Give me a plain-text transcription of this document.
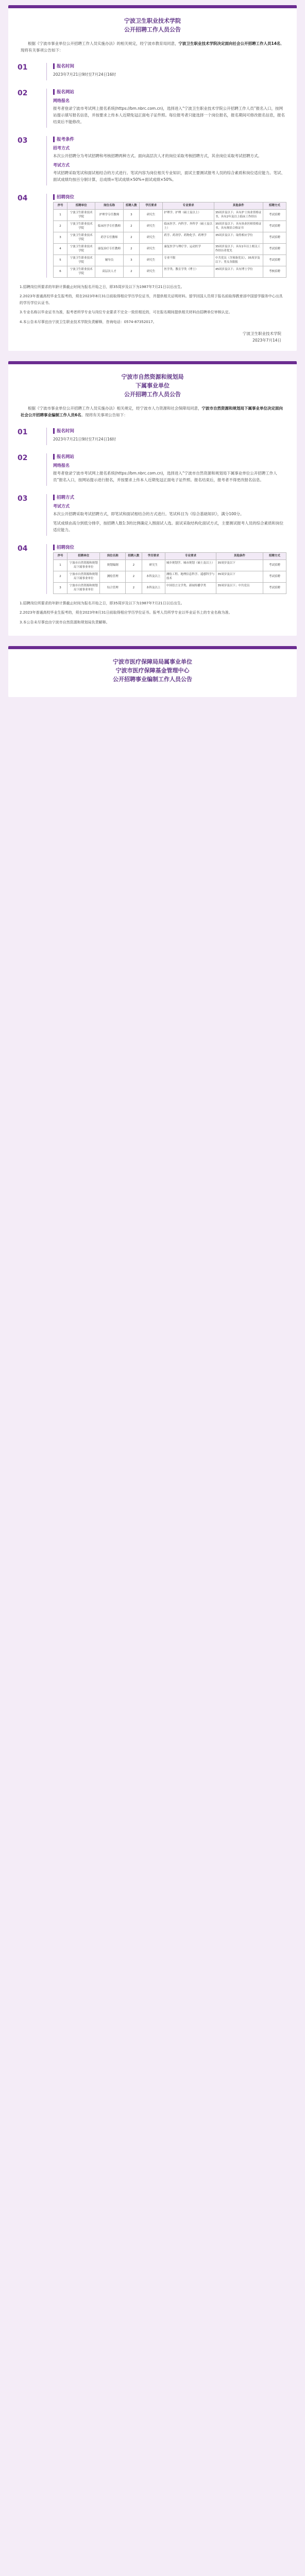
宁波卫生职业技术学院
公开招聘工作人员公告
根据《宁波市事业单位公开招聘工作人员实施办法》的相关规定，经宁波市教育局同意，宁波卫生职业技术学院决定面向社会公开招聘工作人员14名。现将有关事项公告如下：
01	报名时间

2023年7月21日9时至7月24日16时

02	报名网站
网络报名

报考者登录宁波市考试网上报名系统(https://bm.nbrc.com.cn)，选择进入“宁波卫生职业技术学院公开招聘工作人员”报名入口，按网站提示填写报名信息，并按要求上传本人近期免冠正面电子证件照。每位报考者只能选择一个岗位报名，报名期间可修改报名信息，报名结束后不能修改。

03	报考条件
招考方式

本次公开招聘分为考试招聘和考核招聘两种方式。面向高层次人才的岗位采取考核招聘方式，其余岗位采取考试招聘方式。

考试方式

考试招聘采取笔试和面试相结合的方式进行。笔试内容为岗位相关专业知识，面试主要测试报考人员的综合素质和岗位适应能力。笔试、面试成绩均按百分制计算，总成绩=笔试成绩×50%+面试成绩×50%。

04	招聘岗位
序号	招聘单位	岗位名称	招聘人数	学历要求	专业要求	其他条件	招聘方式
1	宁波卫生职业技术学院	护理学专任教师	3	研究生	护理学、护理（硕士及以上）	35周岁及以下；具有护士执业资格证书，具有2年及以上临床工作经历	考试招聘
2	宁波卫生职业技术学院	临床医学专任教师	2	研究生	临床医学、内科学、外科学（硕士及以上）	35周岁及以下；具有执业医师资格证书，具有规培合格证书	考试招聘
3	宁波卫生职业技术学院	药学专任教师	2	研究生	药学、药剂学、药物化学、药理学	35周岁及以下；取得相应学位	考试招聘
4	宁波卫生职业技术学院	康复治疗专任教师	2	研究生	康复医学与理疗学、运动医学	35周岁及以下；具有1年以上相关工作经历者优先	考试招聘
5	宁波卫生职业技术学院	辅导员	3	研究生	专业不限	中共党员（含预备党员），35周岁及以下；男女各限报	考试招聘
6	宁波卫生职业技术学院	高层次人才	2	研究生	医学类、教育学类（博士）	45周岁及以下；具有博士学位	考核招聘

1.招聘岗位所要求的年龄计算截止时间为报名开始之日，即35周岁及以下为1987年7月21日以后出生。

2.2023年普通高校毕业生报考的，须在2023年8月31日前取得相应学历学位证书，并提供相关证明材料。留学回国人员须于报名前取得教育部中国留学服务中心出具的学历学位认证书。

3.专业名称以毕业证书为准，报考者所学专业与岗位专业要求不完全一致但相近的，可在报名期间提供相关材料由招聘单位审核认定。

4.本公告未尽事宜由宁波卫生职业技术学院负责解释，咨询电话：0574-87352017。

宁波卫生职业技术学院
2023年7月14日
宁波市自然资源和规划局
下属事业单位
公开招聘工作人员公告
根据《宁波市事业单位公开招聘工作人员实施办法》相关规定，经宁波市人力资源和社会保障局同意，宁波市自然资源和规划局下属事业单位决定面向社会公开招聘事业编制工作人员6名。现将有关事项公告如下：
01	报名时间

2023年7月21日9时至7月24日16时

02	报名网站
网络报名

报考者登录宁波市考试网上报名系统(https://bm.nbrc.com.cn)，选择进入“宁波市自然资源和规划局下属事业单位公开招聘工作人员”报名入口，按网站提示进行报名，并按要求上传本人近期免冠正面电子证件照。报名结束后，报考者不得更改报名信息。

03	招聘方式
考试方式

本次公开招聘采取考试招聘方式，即笔试和面试相结合的方式进行。笔试科目为《综合基础知识》，满分100分。

笔试成绩由高分到低分排序，按招聘人数1:3的比例确定入围面试人选。面试采取结构化面试方式，主要测试报考人员的综合素质和岗位适应能力。

04	招聘岗位
序号	招聘单位	岗位名称	招聘人数	学历要求	专业要求	其他条件	招聘方式
1	宁波市自然资源和规划局下属事业单位	规划编制	2	研究生	城乡规划学、城市规划（硕士及以上）	35周岁及以下	考试招聘
2	宁波市自然资源和规划局下属事业单位	测绘管理	2	本科及以上	测绘工程、地理信息科学、遥感科学与技术	35周岁及以下	考试招聘
3	宁波市自然资源和规划局下属事业单位	综合管理	2	本科及以上	中国语言文学类、新闻传播学类	35周岁及以下；中共党员	考试招聘

1.招聘岗位所要求的年龄计算截止时间为报名开始之日，即35周岁及以下为1987年7月21日以后出生。

2.2023年普通高校毕业生报考的，须在2023年8月31日前取得相应学历学位证书。报考人员所学专业以毕业证书上的专业名称为准。

3.本公告未尽事宜由宁波市自然资源和规划局负责解释。

宁波市医疗保障局局属事业单位
宁波市医疗保障基金管理中心
公开招聘事业编制工作人员公告
